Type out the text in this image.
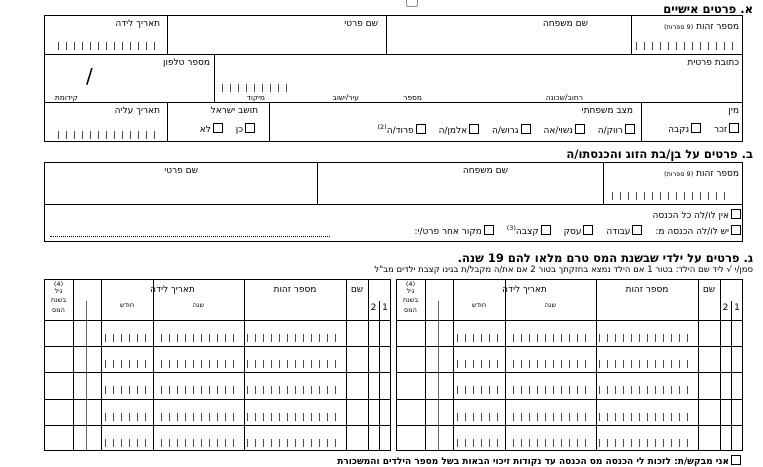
א. פרטים אישיים
מספר זהות (9 ספרות)
שם משפחה
שם פרטי
תאריך לידה
כתובת פרטית
מספר טלפון
/
רחוב/שכונה
מספר
עיר/ישוב
מיקוד
קידומת
מין
זכר נקבה
מצב משפחתי
רווק/ה נשוי/אה גרוש/ה אלמן/ה פרוד/ה$^{(2)}$
תושב ישראל
כן לא
תאריך עליה
ב. פרטים על בן/בת הזוג והכנסתו/ה
מספר זהות (9 ספרות)
שם משפחה
שם פרטי
אין לו/לה כל הכנסה
יש לו/לה הכנסה מ: עבודה עסק קצבה$^{(3)}$ מקור אחר פרט/י:
ג. פרטים על ילדי שבשנת המס טרם מלאו להם 19 שנה.
סמן/י √ ליד שם הילד: בטור 1 אם הילד נמצא בחזקתך בטור 2 אם את/ה מקבל/ת בגינו קצבת ילדים מב"ל
2 1
שם
מספר זהות
תאריך לידה
שנה
חודש
(4)
גיל
בשנת
המס
2 1
שם
מספר זהות
תאריך לידה
שנה
חודש
(4)
גיל
בשנת
המס
אני מבקש/ת: לזכות לי הכנסה מס הכנסה עד נקודות זיכוי הבאות בשל מספר הילדים והמשכורת
